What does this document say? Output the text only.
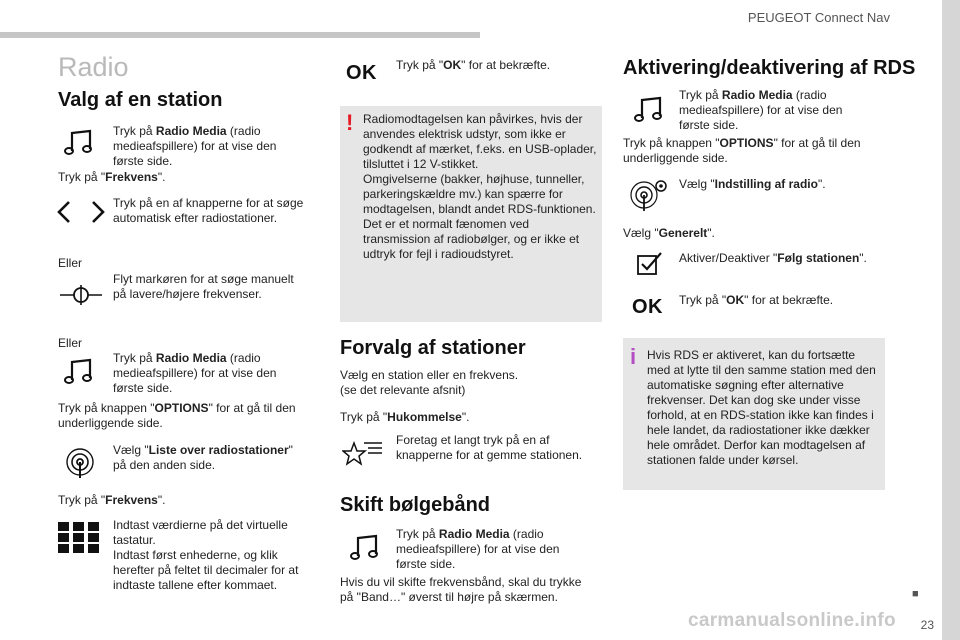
PEUGEOT Connect Nav
Radio
Valg af en station
Tryk på Radio Media (radio medieafspillere) for at vise den første side.
Tryk på "Frekvens".
Tryk på en af knapperne for at søge automatisk efter radiostationer.
Eller
Flyt markøren for at søge manuelt på lavere/højere frekvenser.
Eller
Tryk på Radio Media (radio medieafspillere) for at vise den første side.
Tryk på knappen "OPTIONS" for at gå til den underliggende side.
Vælg "Liste over radiostationer" på den anden side.
Tryk på "Frekvens".
Indtast værdierne på det virtuelle tastatur.
Indtast først enhederne, og klik herefter på feltet til decimaler for at indtaste tallene efter kommaet.
OK Tryk på "OK" for at bekræfte.
! Radiomodtagelsen kan påvirkes, hvis der anvendes elektrisk udstyr, som ikke er godkendt af mærket, f.eks. en USB-oplader, tilsluttet i 12 V-stikket.
Omgivelserne (bakker, højhuse, tunneller, parkeringskældre mv.) kan spærre for modtagelsen, blandt andet RDS-funktionen. Det er et normalt fænomen ved transmission af radiobølger, og er ikke et udtryk for fejl i radioudstyret.
Forvalg af stationer
Vælg en station eller en frekvens.
(se det relevante afsnit)
Tryk på "Hukommelse".
Foretag et langt tryk på en af knapperne for at gemme stationen.
Skift bølgebånd
Tryk på Radio Media (radio medieafspillere) for at vise den første side.
Hvis du vil skifte frekvensbånd, skal du trykke på "Band…" øverst til højre på skærmen.
Aktivering/deaktivering af RDS
Tryk på Radio Media (radio medieafspillere) for at vise den første side.
Tryk på knappen "OPTIONS" for at gå til den underliggende side.
Vælg "Indstilling af radio".
Vælg "Generelt".
Aktiver/Deaktiver "Følg stationen".
OK Tryk på "OK" for at bekræfte.
i Hvis RDS er aktiveret, kan du fortsætte med at lytte til den samme station med den automatiske søgning efter alternative frekvenser. Det kan dog ske under visse forhold, at en RDS-station ikke kan findes i hele landet, da radiostationer ikke dækker hele området. Derfor kan modtagelsen af stationen falde under kørsel.
■
23
carmanualsonline.info
